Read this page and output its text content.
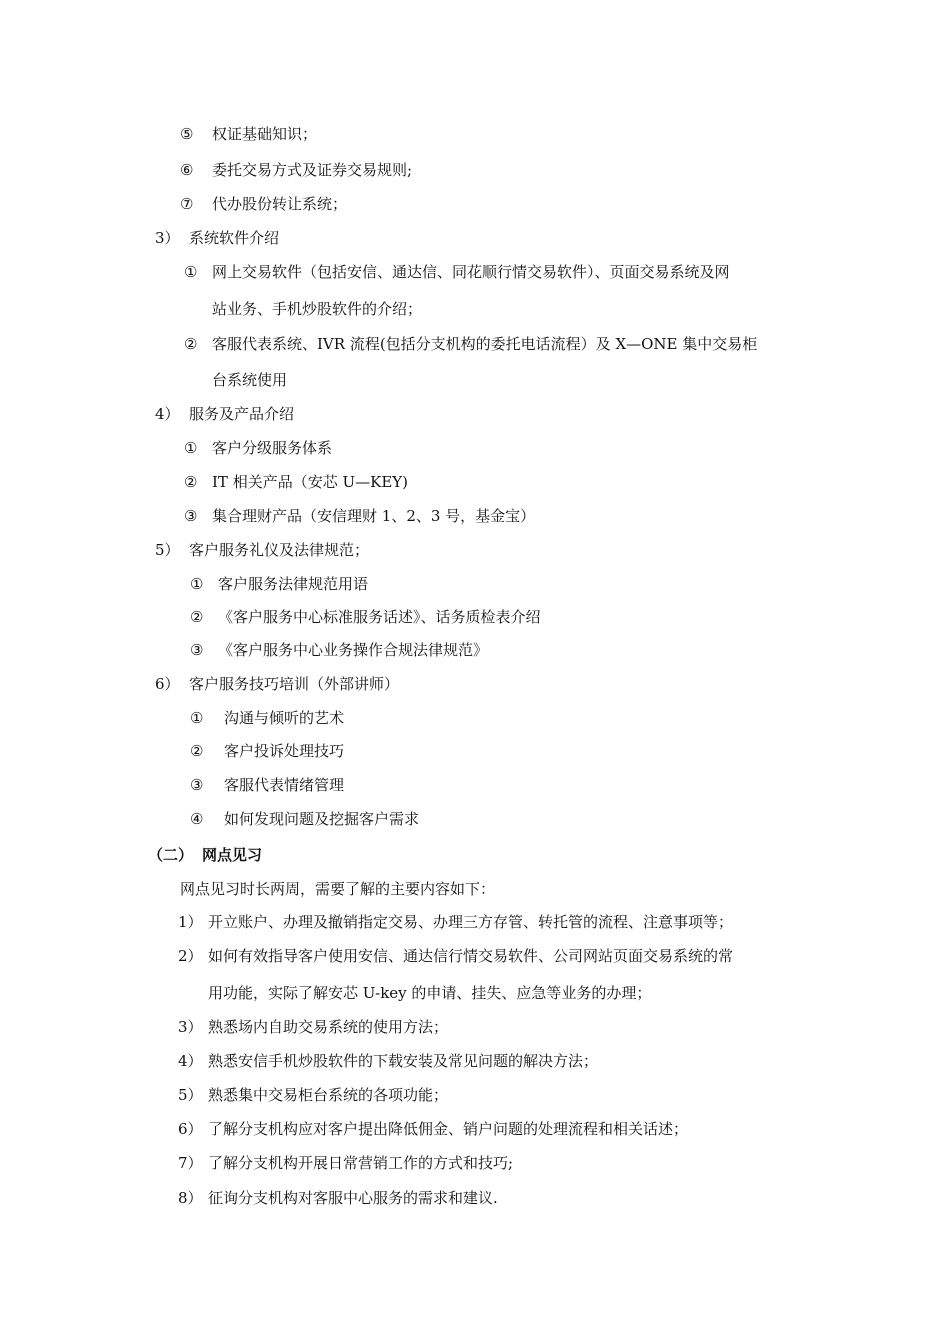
⑤ 权证基础知识；
⑥ 委托交易方式及证券交易规则;
⑦ 代办股份转让系统；
3） 系统软件介绍
① 网上交易软件（包括安信、通达信、同花顺行情交易软件）、页面交易系统及网
站业务、手机炒股软件的介绍；
② 客服代表系统、IVR 流程(包括分支机构的委托电话流程）及 X—ONE 集中交易柜
台系统使用
4） 服务及产品介绍
① 客户分级服务体系
② IT 相关产品（安芯 U—KEY)
③ 集合理财产品（安信理财 1、2、3 号，基金宝）
5） 客户服务礼仪及法律规范；
① 客户服务法律规范用语
② 《客户服务中心标准服务话述》、话务质检表介绍
③ 《客户服务中心业务操作合规法律规范》
6） 客户服务技巧培训（外部讲师）
① 沟通与倾听的艺术
② 客户投诉处理技巧
③ 客服代表情绪管理
④ 如何发现问题及挖掘客户需求
（二） 网点见习
网点见习时长两周，需要了解的主要内容如下：
1） 开立账户、办理及撤销指定交易、办理三方存管、转托管的流程、注意事项等；
2） 如何有效指导客户使用安信、通达信行情交易软件、公司网站页面交易系统的常
用功能，实际了解安芯 U-key 的申请、挂失、应急等业务的办理；
3） 熟悉场内自助交易系统的使用方法；
4） 熟悉安信手机炒股软件的下载安装及常见问题的解决方法；
5） 熟悉集中交易柜台系统的各项功能；
6） 了解分支机构应对客户提出降低佣金、销户问题的处理流程和相关话述；
7） 了解分支机构开展日常营销工作的方式和技巧;
8） 征询分支机构对客服中心服务的需求和建议.
